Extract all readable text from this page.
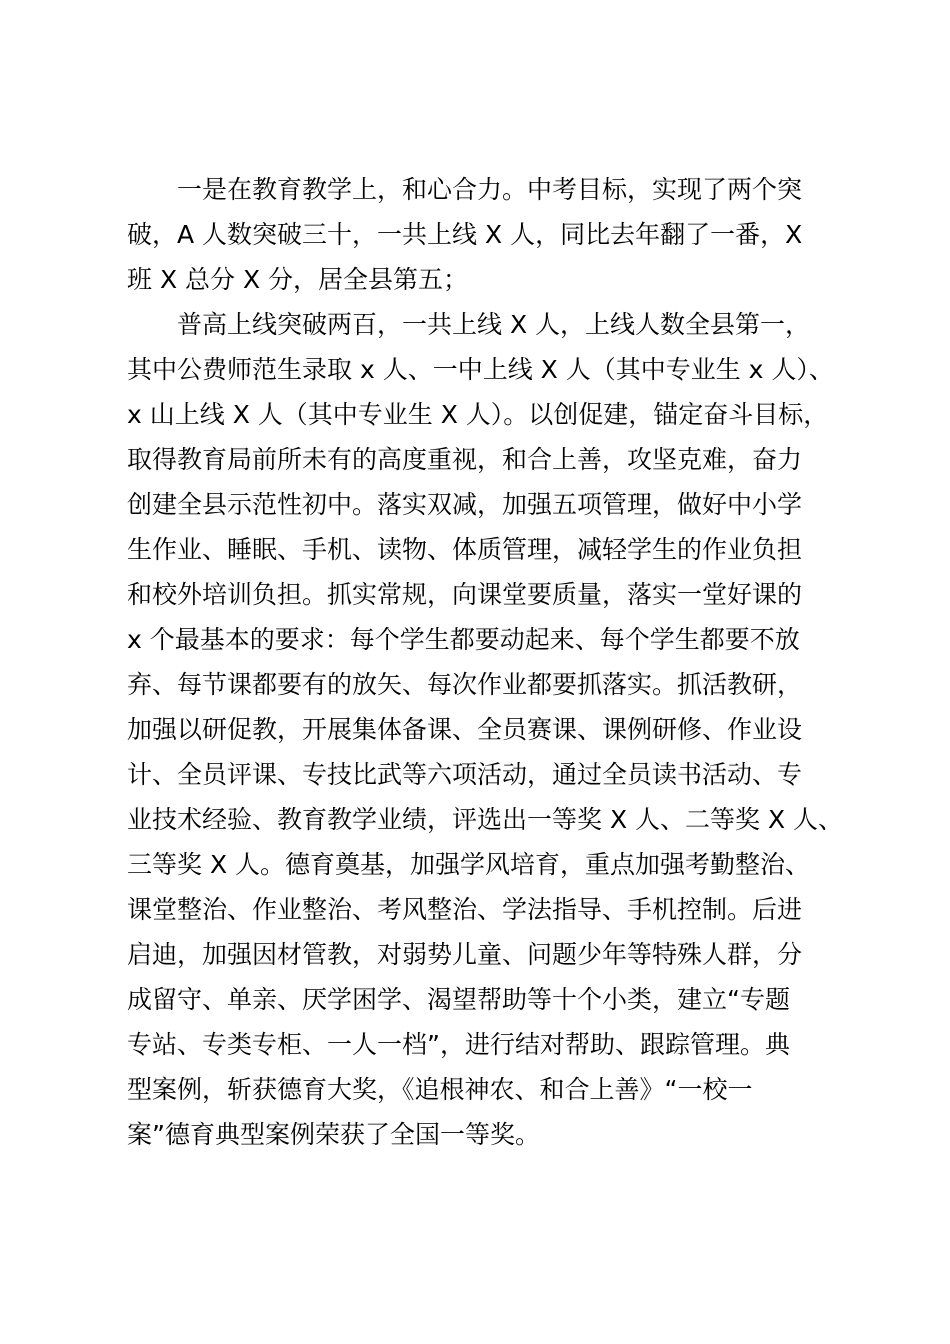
一是在教育教学上，和心合力。中考目标，实现了两个突
破，A 人数突破三十，一共上线 X 人，同比去年翻了一番，X
班 X 总分 X 分，居全县第五；

普高上线突破两百，一共上线 X 人，上线人数全县第一，
其中公费师范生录取 x 人、一中上线 X 人（其中专业生 x 人）、
x 山上线 X 人（其中专业生 X 人）。以创促建，锚定奋斗目标，
取得教育局前所未有的高度重视，和合上善，攻坚克难，奋力
创建全县示范性初中。落实双减，加强五项管理，做好中小学
生作业、睡眠、手机、读物、体质管理，减轻学生的作业负担
和校外培训负担。抓实常规，向课堂要质量，落实一堂好课的
x 个最基本的要求：每个学生都要动起来、每个学生都要不放
弃、每节课都要有的放矢、每次作业都要抓落实。抓活教研，
加强以研促教，开展集体备课、全员赛课、课例研修、作业设
计、全员评课、专技比武等六项活动，通过全员读书活动、专
业技术经验、教育教学业绩，评选出一等奖 X 人、二等奖 X 人、
三等奖 X 人。德育奠基，加强学风培育，重点加强考勤整治、
课堂整治、作业整治、考风整治、学法指导、手机控制。后进
启迪，加强因材管教，对弱势儿童、问题少年等特殊人群，分
成留守、单亲、厌学困学、渴望帮助等十个小类，建立“专题
专站、专类专柜、一人一档”，进行结对帮助、跟踪管理。典
型案例，斩获德育大奖，《追根神农、和合上善》“一校一
案”德育典型案例荣获了全国一等奖。
